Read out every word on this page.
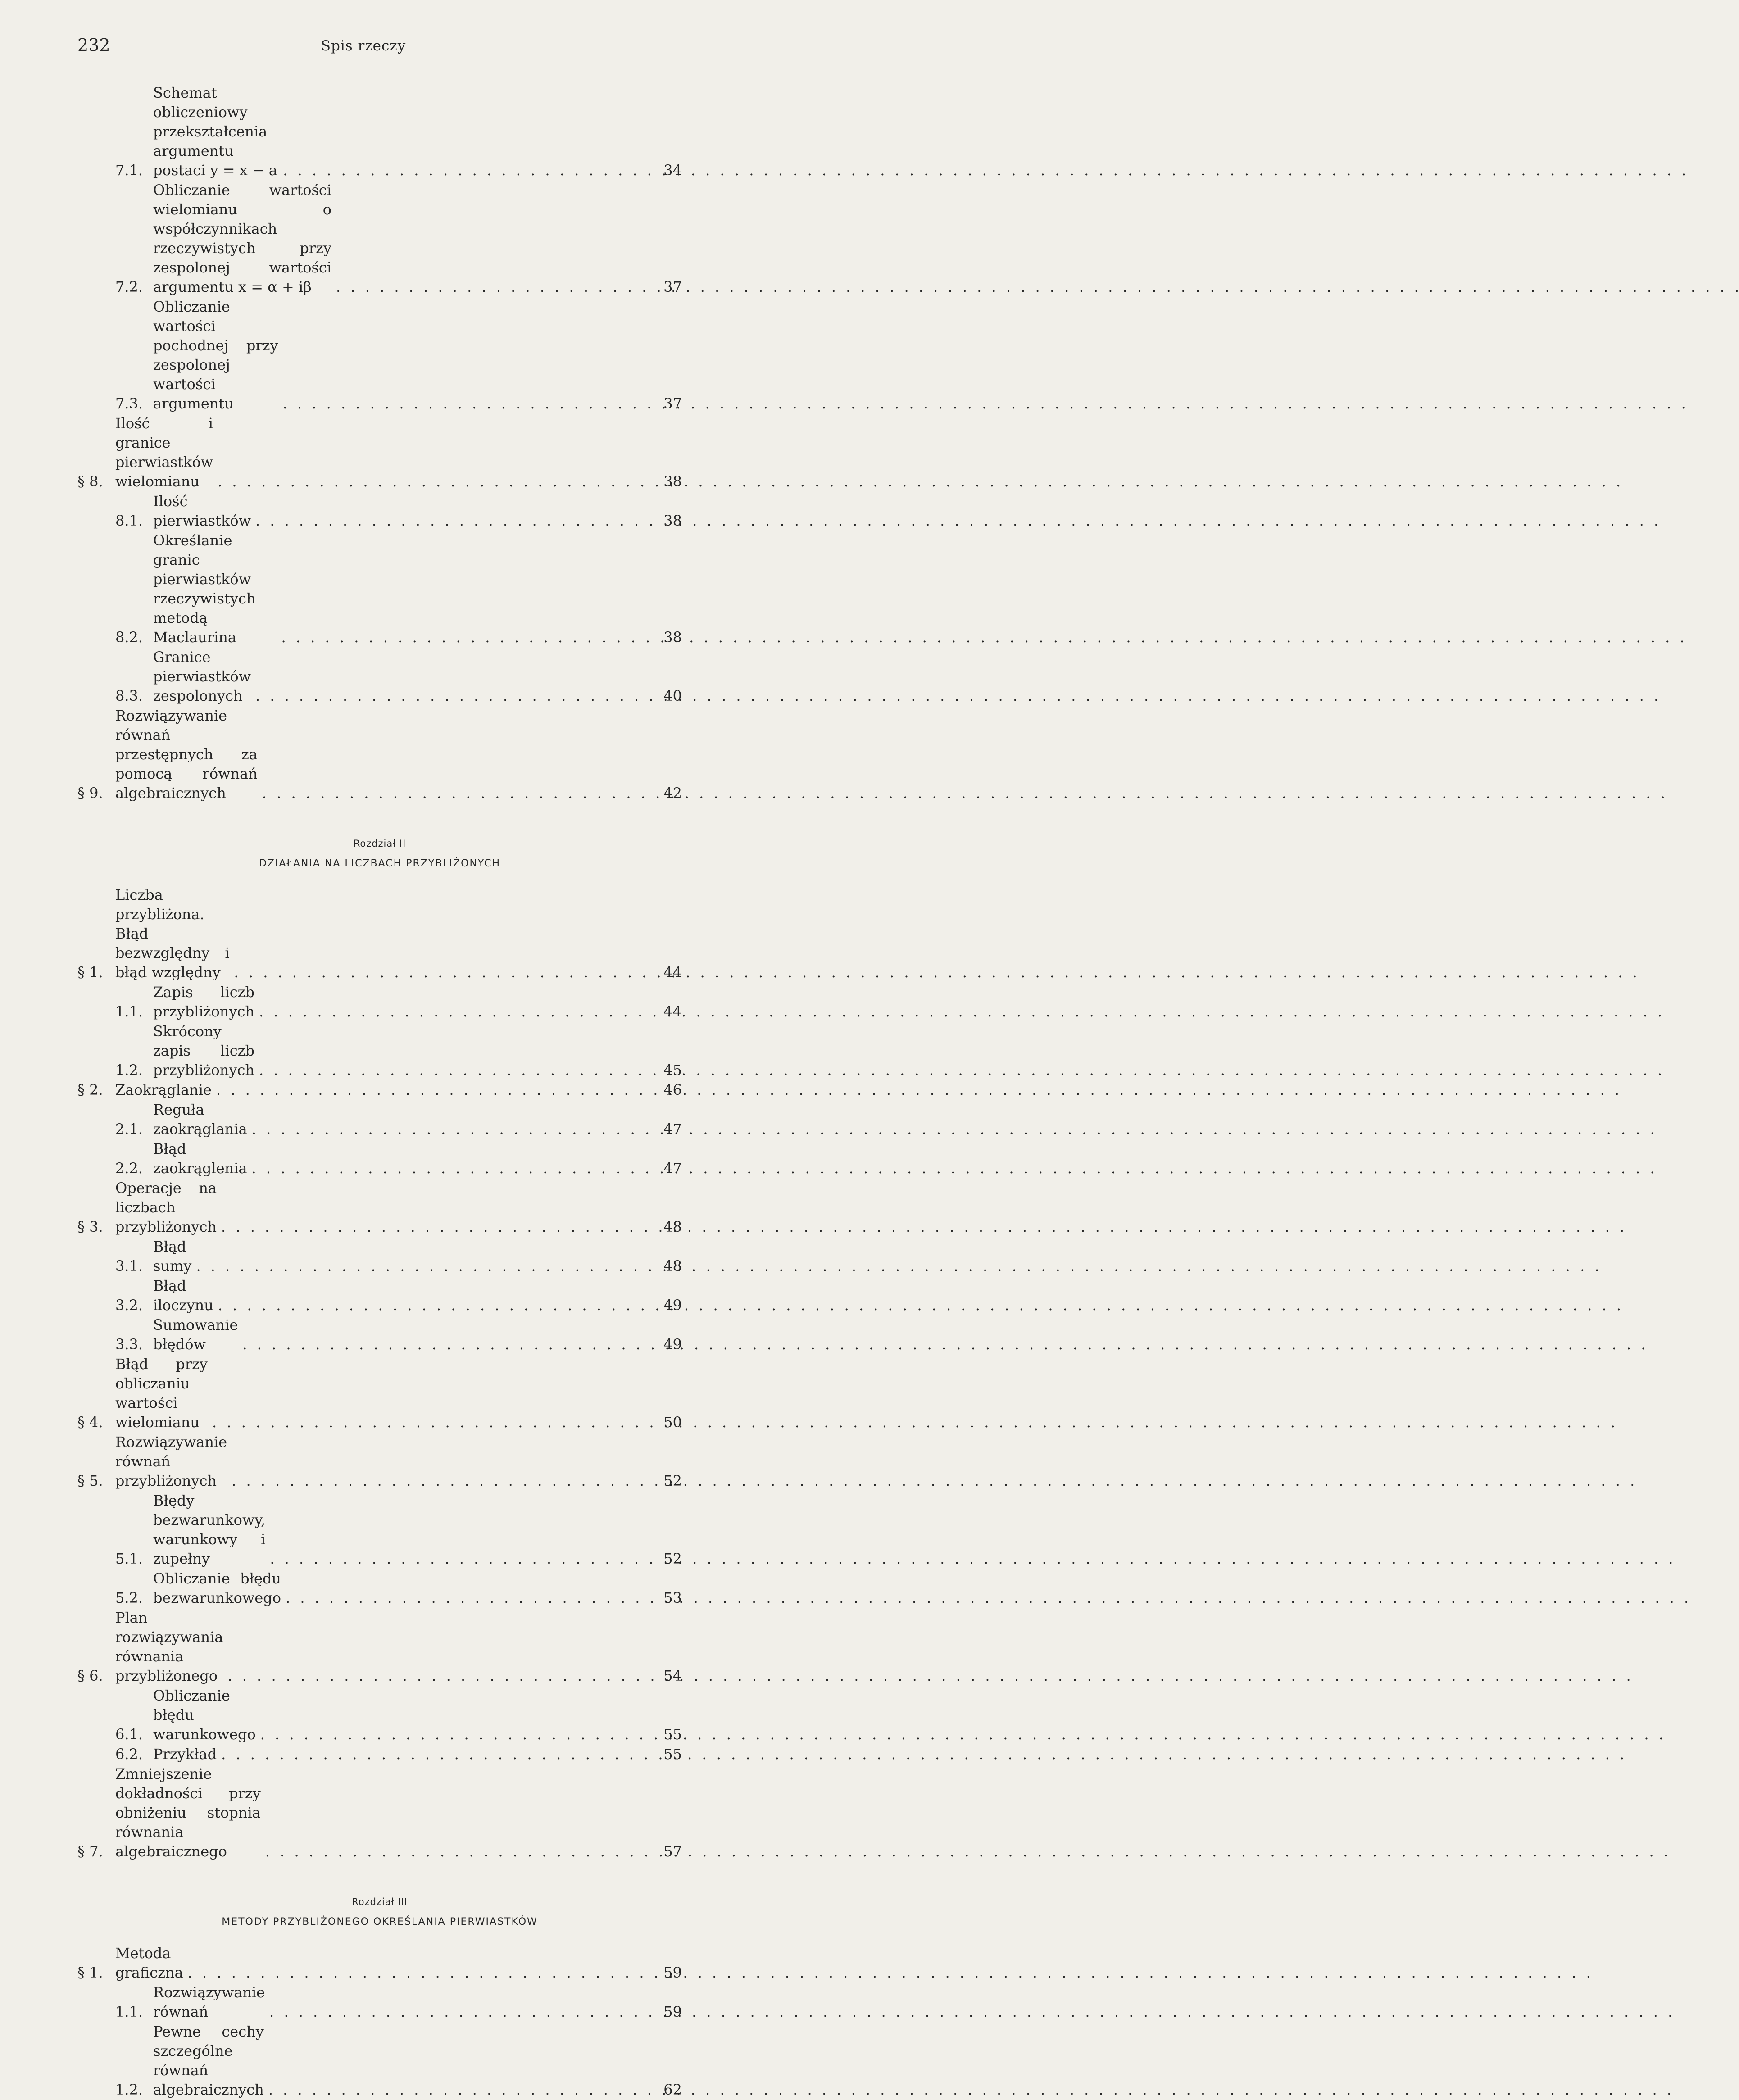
232	Spis rzeczy
7.1.
Schemat obliczeniowy przekształcenia argumentu postaci y = x − a . . .	34
7.2.
Obliczanie wartości wielomianu o współczynnikach rzeczywistych przy zespolonej wartości argumentu x = α + iβ . . .	37
7.3.
Obliczanie wartości pochodnej przy zespolonej wartości argumentu . . .	37
§ 8.
Ilość i granice pierwiastków wielomianu . . .	38
8.1.
Ilość pierwiastków . . .	38
8.2.
Określanie granic pierwiastków rzeczywistych metodą Maclaurina . . .	38
8.3.
Granice pierwiastków zespolonych . . .	40
§ 9.
Rozwiązywanie równań przestępnych za pomocą równań algebraicznych . . .	42
Rozdział II
DZIAŁANIA NA LICZBACH PRZYBLIŻONYCH
§ 1.
Liczba przybliżona. Błąd bezwzględny i błąd względny . . .	44
1.1.
Zapis liczb przybliżonych . . .	44
1.2.
Skrócony zapis liczb przybliżonych . . .	45
§ 2. Zaokrąglanie . . .	46
2.1.
Reguła zaokrąglania . . .	47
2.2.
Błąd zaokrąglenia . . .	47
§ 3.
Operacje na liczbach przybliżonych . . .	48
3.1.
Błąd sumy . . .	48
3.2.
Błąd iloczynu . . .	49
3.3.
Sumowanie błędów . . .	49
§ 4.
Błąd przy obliczaniu wartości wielomianu . . .	50
§ 5.
Rozwiązywanie równań przybliżonych . . .	52
5.1.
Błędy bezwarunkowy, warunkowy i zupełny . . .	52
5.2.
Obliczanie błędu bezwarunkowego . . .	53
§ 6.
Plan rozwiązywania równania przybliżonego . . .	54
6.1.
Obliczanie błędu warunkowego . . .	55
6.2. Przykład . . .	55
§ 7.
Zmniejszenie dokładności przy obniżeniu stopnia równania algebraicznego . . .	57
Rozdział III
METODY PRZYBLIŻONEGO OKREŚLANIA PIERWIASTKÓW
§ 1.
Metoda graficzna . . .	59
1.1.
Rozwiązywanie równań . . .	59
1.2.
Pewne cechy szczególne równań algebraicznych . . .	62
